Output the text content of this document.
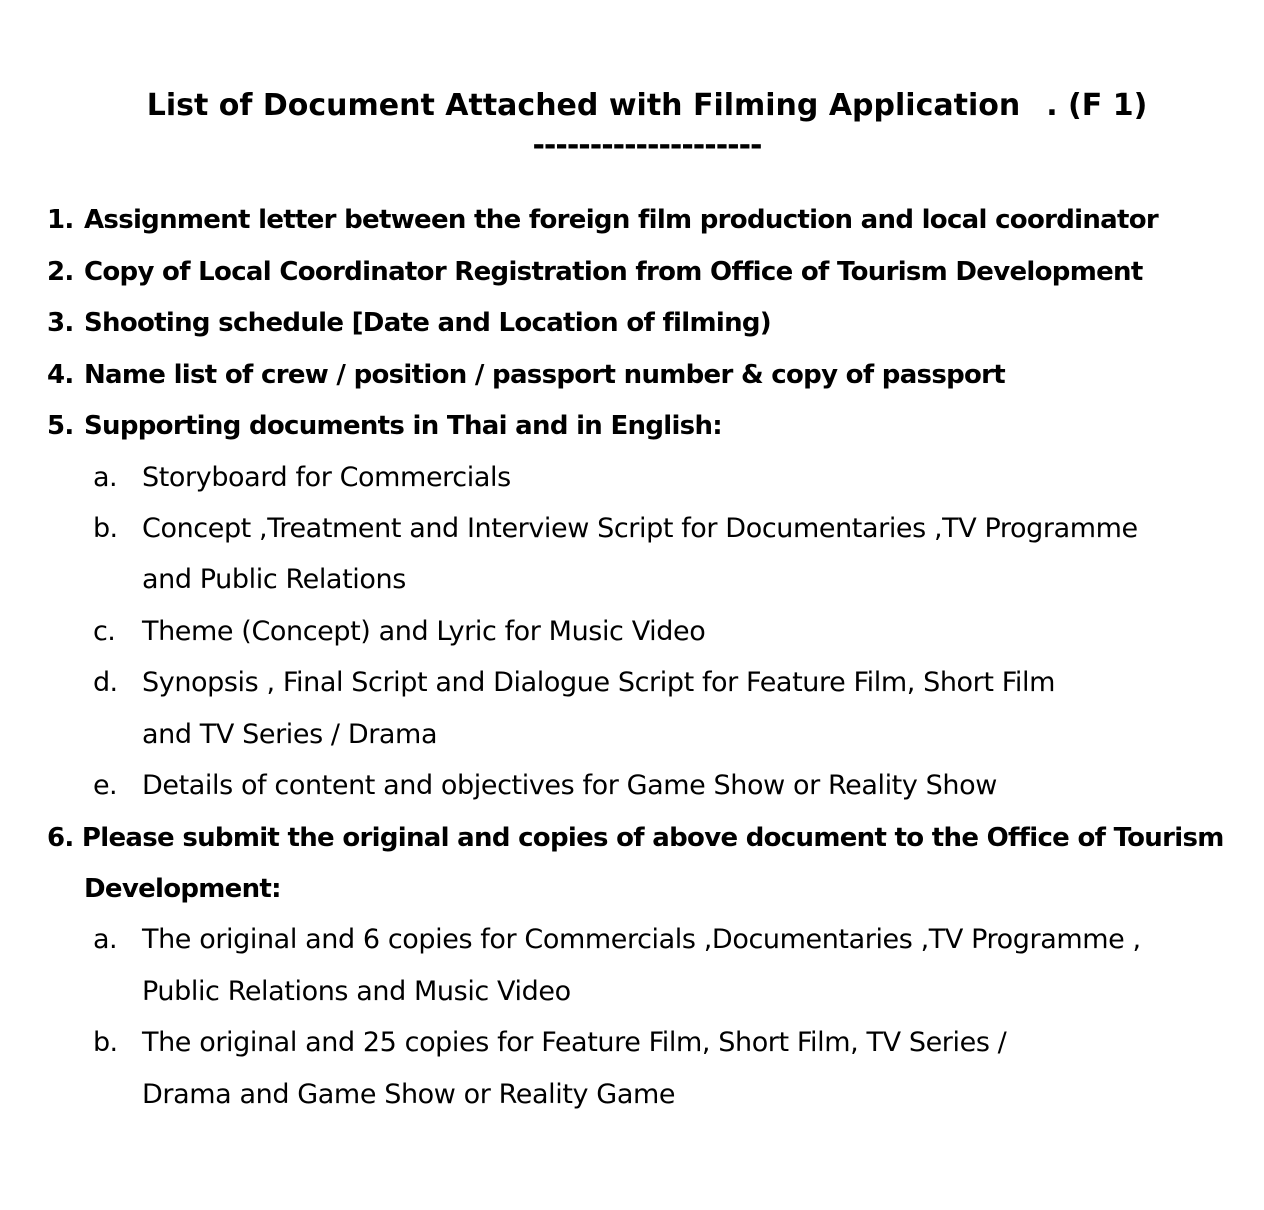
List of Document Attached with Filming Application . (F 1)
--------------------
1. Assignment letter between the foreign film production and local coordinator
2. Copy of Local Coordinator Registration from Office of Tourism Development
3. Shooting schedule [Date and Location of filming)
4. Name list of crew / position / passport number & copy of passport
5. Supporting documents in Thai and in English:
a. Storyboard for Commercials
b. Concept ,Treatment and Interview Script for Documentaries ,TV Programme
and Public Relations
c. Theme (Concept) and Lyric for Music Video
d. Synopsis , Final Script and Dialogue Script for Feature Film, Short Film
and TV Series / Drama
e. Details of content and objectives for Game Show or Reality Show
6. Please submit the original and copies of above document to the Office of Tourism
Development:
a. The original and 6 copies for Commercials ,Documentaries ,TV Programme ,
Public Relations and Music Video
b. The original and 25 copies for Feature Film, Short Film, TV Series /
Drama and Game Show or Reality Game
